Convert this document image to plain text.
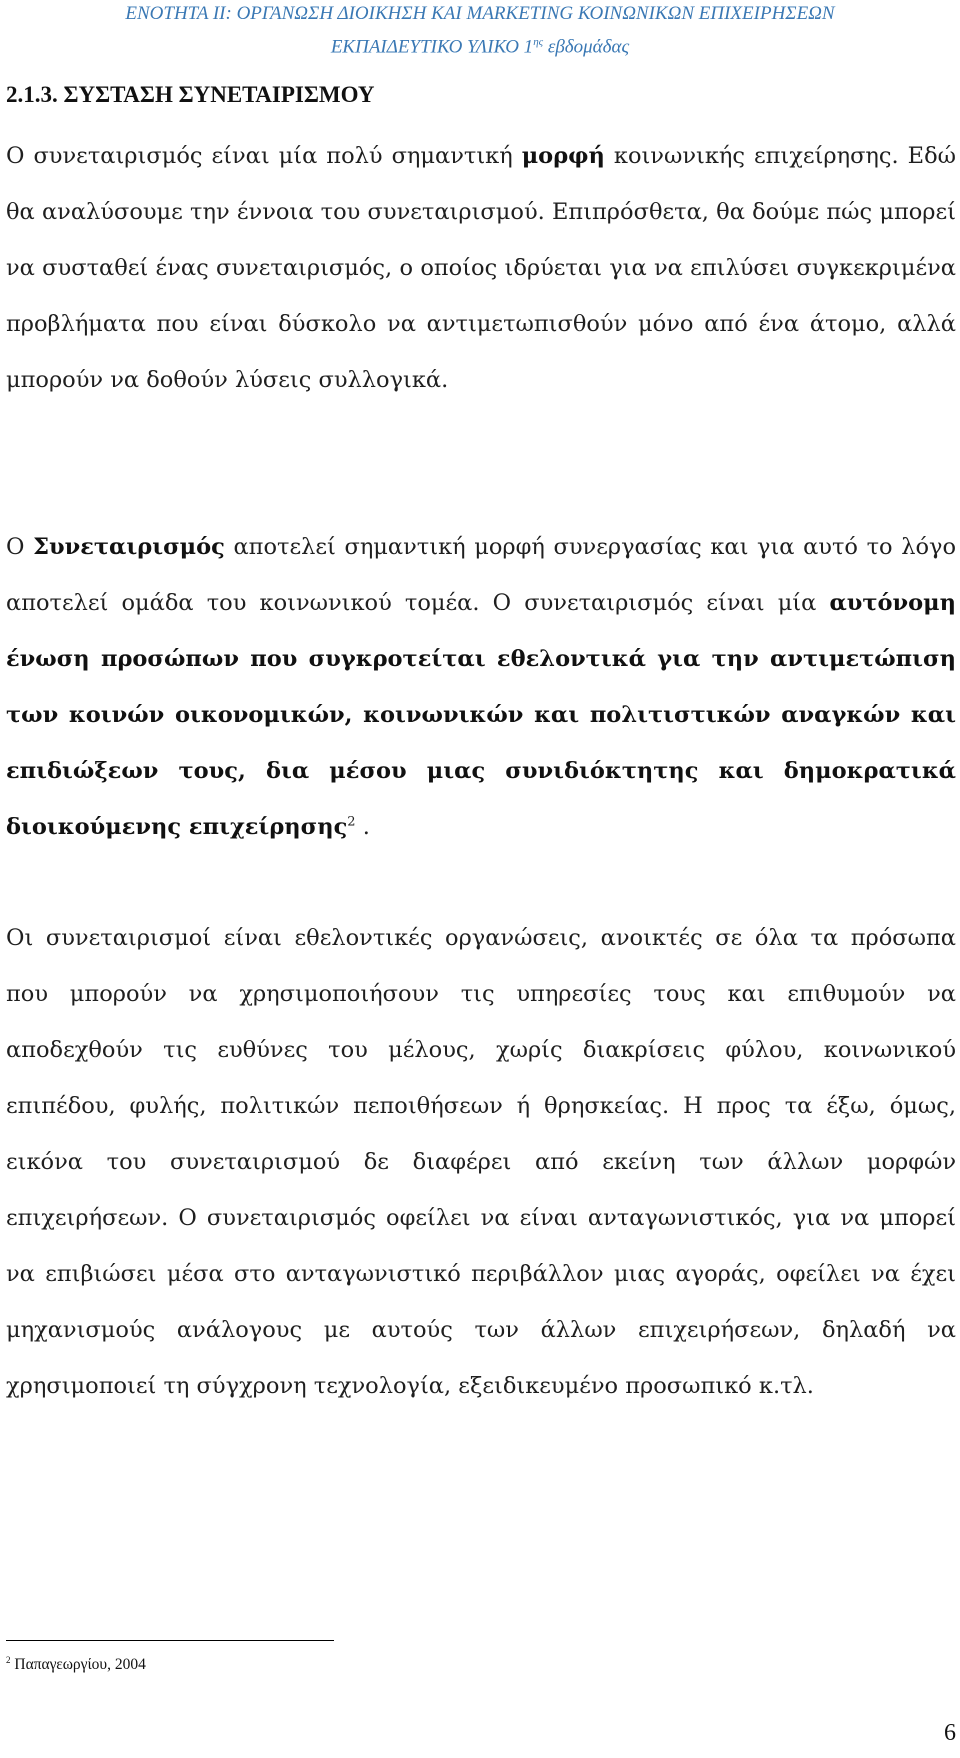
ΕΝΟΤΗΤΑ ΙΙ: ΟΡΓΑΝΩΣΗ ΔΙΟΙΚΗΣΗ ΚΑΙ MARKETING ΚΟΙΝΩΝΙΚΩΝ ΕΠΙΧΕΙΡΗΣΕΩΝ
ΕΚΠΑΙΔΕΥΤΙΚΟ ΥΛΙΚΟ $1^{\eta\varsigma}$ εβδομάδας
2.1.3. ΣΥΣΤΑΣΗ ΣΥΝΕΤΑΙΡΙΣΜΟΥ

Ο συνεταιρισμός είναι μία πολύ σημαντική μορφή κοινωνικής επιχείρησης. Εδώ θα αναλύσουμε την έννοια του συνεταιρισμού. Επιπρόσθετα, θα δούμε πώς μπορεί να συσταθεί ένας συνεταιρισμός, ο οποίος ιδρύεται για να επιλύσει συγκεκριμένα προβλήματα που είναι δύσκολο να αντιμετωπισθούν μόνο από ένα άτομο, αλλά μπορούν να δοθούν λύσεις συλλογικά.

Ο Συνεταιρισμός αποτελεί σημαντική μορφή συνεργασίας και για αυτό το λόγο αποτελεί ομάδα του κοινωνικού τομέα. Ο συνεταιρισμός είναι μία αυτόνομη ένωση προσώπων που συγκροτείται εθελοντικά για την αντιμετώπιση των κοινών οικονομικών, κοινωνικών και πολιτιστικών αναγκών και επιδιώξεων τους, δια μέσου μιας συνιδιόκτητης και δημοκρατικά διοικούμενης επιχείρησης$^2$ .

Οι συνεταιρισμοί είναι εθελοντικές οργανώσεις, ανοικτές σε όλα τα πρόσωπα που μπορούν να χρησιμοποιήσουν τις υπηρεσίες τους και επιθυμούν να αποδεχθούν τις ευθύνες του μέλους, χωρίς διακρίσεις φύλου, κοινωνικού επιπέδου, φυλής, πολιτικών πεποιθήσεων ή θρησκείας. Η προς τα έξω, όμως, εικόνα του συνεταιρισμού δε διαφέρει από εκείνη των άλλων μορφών επιχειρήσεων. Ο συνεταιρισμός οφείλει να είναι ανταγωνιστικός, για να μπορεί να επιβιώσει μέσα στο ανταγωνιστικό περιβάλλον μιας αγοράς, οφείλει να έχει μηχανισμούς ανάλογους με αυτούς των άλλων επιχειρήσεων, δηλαδή να χρησιμοποιεί τη σύγχρονη τεχνολογία, εξειδικευμένο προσωπικό κ.τλ.

$^2$ Παπαγεωργίου, 2004
6
